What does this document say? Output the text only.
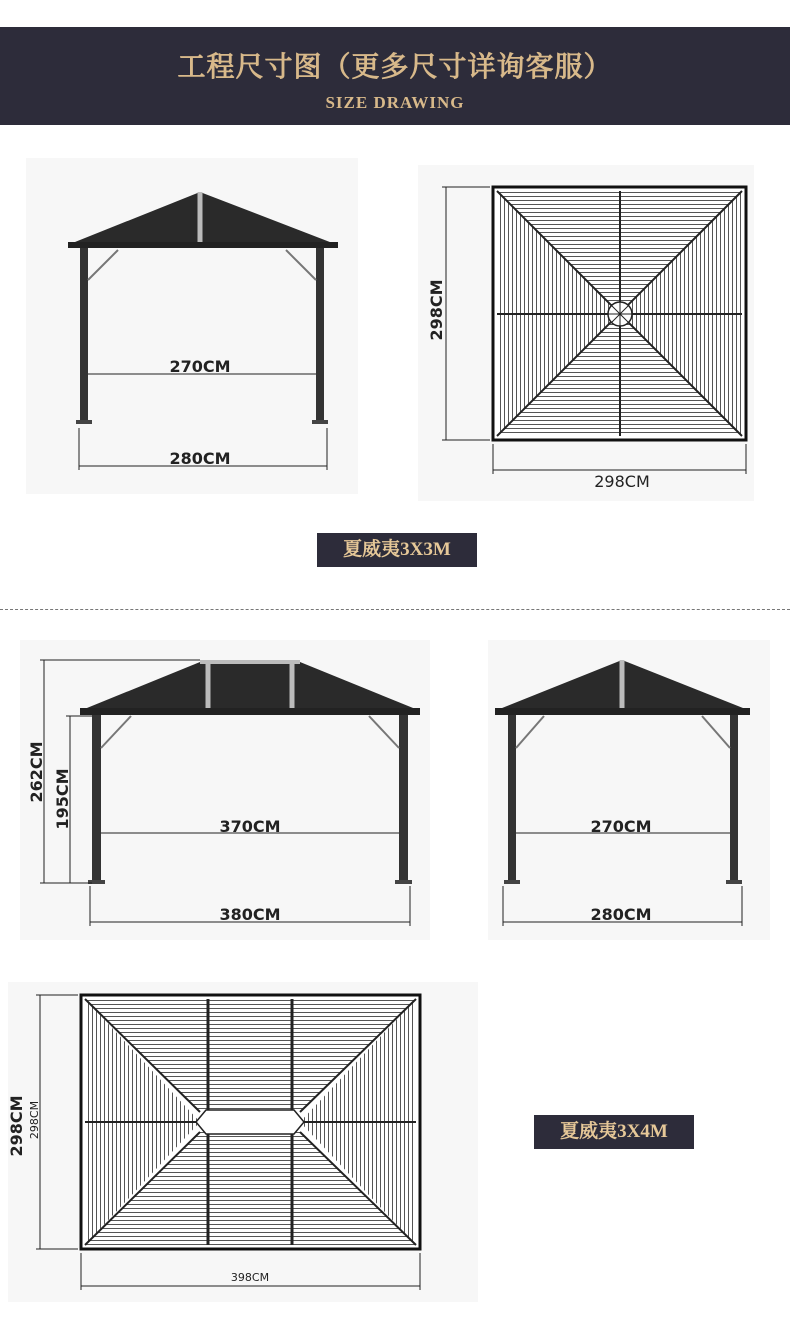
工程尺寸图（更多尺寸详询客服）
SIZE DRAWING
270CM
280CM
298CM
298CM
夏威夷3X3M
262CM 195CM	370CM
380CM
270CM
280CM
298CM 298CM
398CM
夏威夷3X4M
